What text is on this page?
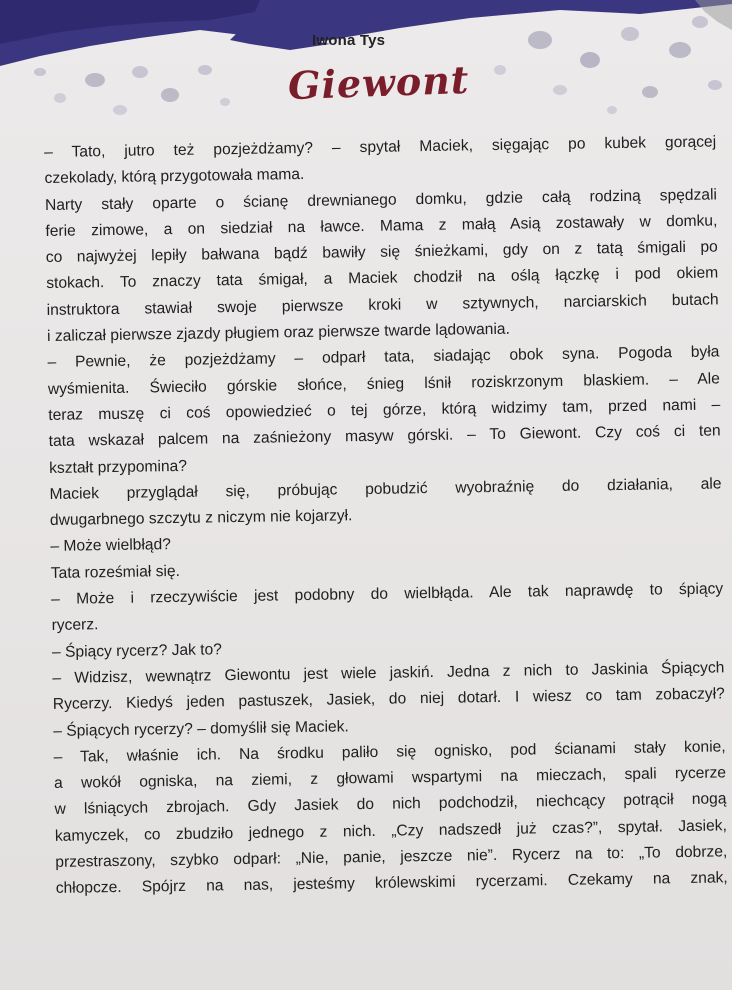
Iwona Tys
Giewont
– Tato, jutro też pozjeżdżamy? – spytał Maciek, sięgając po kubek gorącej
czekolady, którą przygotowała mama.
Narty stały oparte o ścianę drewnianego domku, gdzie całą rodziną spędzali
ferie zimowe, a on siedział na ławce. Mama z małą Asią zostawały w domku,
co najwyżej lepiły bałwana bądź bawiły się śnieżkami, gdy on z tatą śmigali po
stokach. To znaczy tata śmigał, a Maciek chodził na oślą łączkę i pod okiem
instruktora stawiał swoje pierwsze kroki w sztywnych, narciarskich butach
i zaliczał pierwsze zjazdy pługiem oraz pierwsze twarde lądowania.
– Pewnie, że pozjeżdżamy – odparł tata, siadając obok syna. Pogoda była
wyśmienita. Świeciło górskie słońce, śnieg lśnił roziskrzonym blaskiem. – Ale
teraz muszę ci coś opowiedzieć o tej górze, którą widzimy tam, przed nami –
tata wskazał palcem na zaśnieżony masyw górski. – To Giewont. Czy coś ci ten
kształt przypomina?
Maciek przyglądał się, próbując pobudzić wyobraźnię do działania, ale
dwugarbnego szczytu z niczym nie kojarzył.
– Może wielbłąd?
Tata roześmiał się.
– Może i rzeczywiście jest podobny do wielbłąda. Ale tak naprawdę to śpiący
rycerz.
– Śpiący rycerz? Jak to?
– Widzisz, wewnątrz Giewontu jest wiele jaskiń. Jedna z nich to Jaskinia Śpiących
Rycerzy. Kiedyś jeden pastuszek, Jasiek, do niej dotarł. I wiesz co tam zobaczył?
– Śpiących rycerzy? – domyślił się Maciek.
– Tak, właśnie ich. Na środku paliło się ognisko, pod ścianami stały konie,
a wokół ogniska, na ziemi, z głowami wspartymi na mieczach, spali rycerze
w lśniących zbrojach. Gdy Jasiek do nich podchodził, niechcący potrącił nogą
kamyczek, co zbudziło jednego z nich. „Czy nadszedł już czas?”, spytał. Jasiek,
przestraszony, szybko odparł: „Nie, panie, jeszcze nie”. Rycerz na to: „To dobrze,
chłopcze. Spójrz na nas, jesteśmy królewskimi rycerzami. Czekamy na znak,
